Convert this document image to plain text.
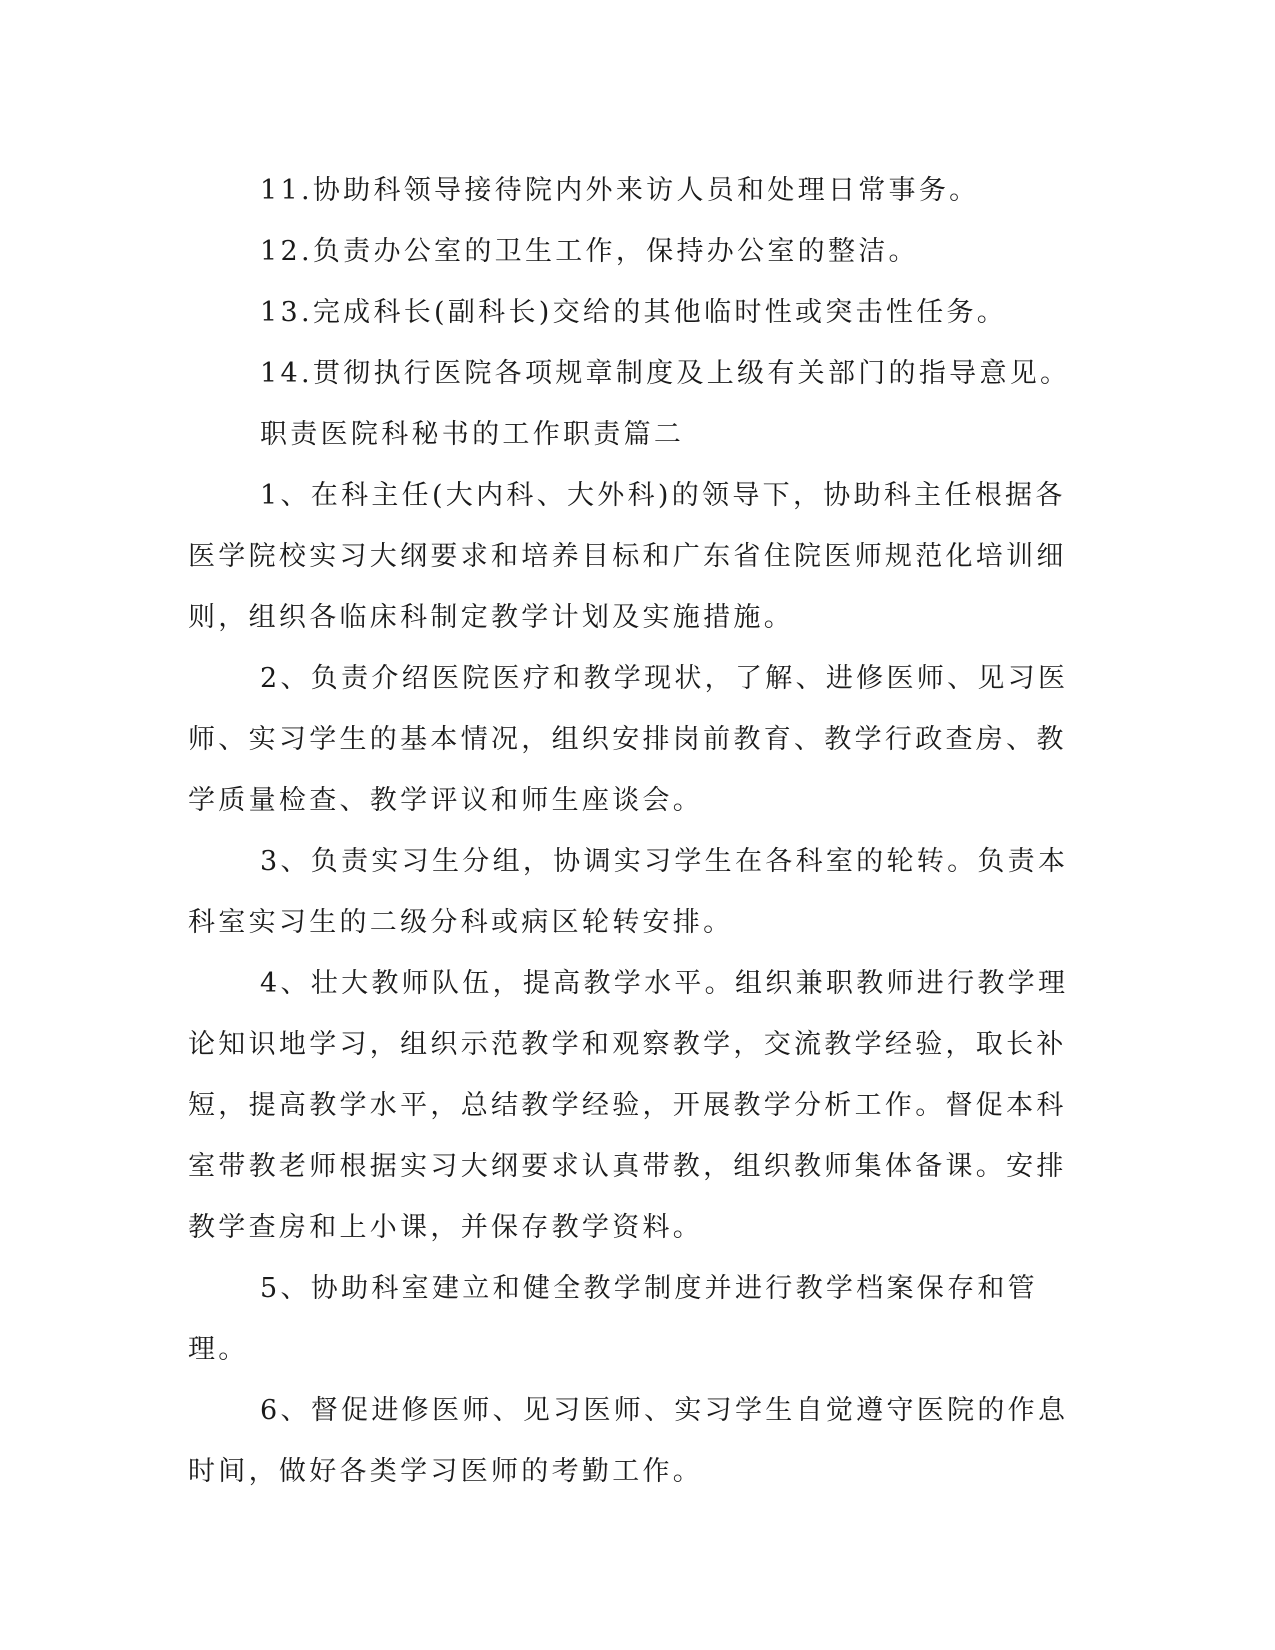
11.协助科领导接待院内外来访人员和处理日常事务。

12.负责办公室的卫生工作，保持办公室的整洁。

13.完成科长(副科长)交给的其他临时性或突击性任务。

14.贯彻执行医院各项规章制度及上级有关部门的指导意见。

职责医院科秘书的工作职责篇二

1、在科主任(大内科、大外科)的领导下，协助科主任根据各医学院校实习大纲要求和培养目标和广东省住院医师规范化培训细则，组织各临床科制定教学计划及实施措施。

2、负责介绍医院医疗和教学现状，了解、进修医师、见习医师、实习学生的基本情况，组织安排岗前教育、教学行政查房、教学质量检查、教学评议和师生座谈会。

3、负责实习生分组，协调实习学生在各科室的轮转。负责本科室实习生的二级分科或病区轮转安排。

4、壮大教师队伍，提高教学水平。组织兼职教师进行教学理论知识地学习，组织示范教学和观察教学，交流教学经验，取长补短，提高教学水平，总结教学经验，开展教学分析工作。督促本科室带教老师根据实习大纲要求认真带教，组织教师集体备课。安排教学查房和上小课，并保存教学资料。

5、协助科室建立和健全教学制度并进行教学档案保存和管理。

6、督促进修医师、见习医师、实习学生自觉遵守医院的作息时间，做好各类学习医师的考勤工作。
